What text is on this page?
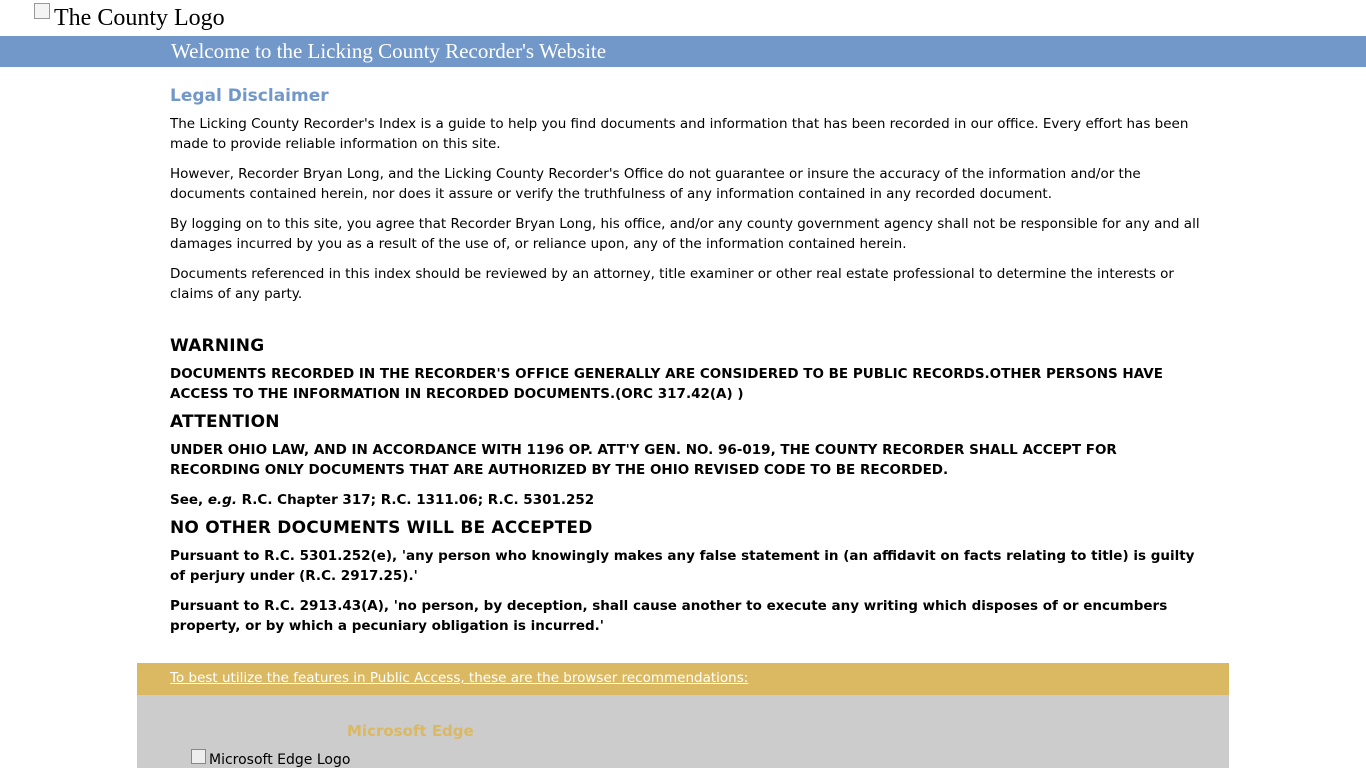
The County Logo
Welcome to the Licking County Recorder's Website
Legal Disclaimer

The Licking County Recorder's Index is a guide to help you find documents and information that has been recorded in our office. Every effort has been made to provide reliable information on this site.

However, Recorder Bryan Long, and the Licking County Recorder's Office do not guarantee or insure the accuracy of the information and/or the documents contained herein, nor does it assure or verify the truthfulness of any information contained in any recorded document.

By logging on to this site, you agree that Recorder Bryan Long, his office, and/or any county government agency shall not be responsible for any and all damages incurred by you as a result of the use of, or reliance upon, any of the information contained herein.

Documents referenced in this index should be reviewed by an attorney, title examiner or other real estate professional to determine the interests or claims of any party.

WARNING

DOCUMENTS RECORDED IN THE RECORDER'S OFFICE GENERALLY ARE CONSIDERED TO BE PUBLIC RECORDS.OTHER PERSONS HAVE ACCESS TO THE INFORMATION IN RECORDED DOCUMENTS.(ORC 317.42(A) )

ATTENTION

UNDER OHIO LAW, AND IN ACCORDANCE WITH 1196 OP. ATT'Y GEN. NO. 96-019, THE COUNTY RECORDER SHALL ACCEPT FOR RECORDING ONLY DOCUMENTS THAT ARE AUTHORIZED BY THE OHIO REVISED CODE TO BE RECORDED.

See, e.g. R.C. Chapter 317; R.C. 1311.06; R.C. 5301.252

NO OTHER DOCUMENTS WILL BE ACCEPTED

Pursuant to R.C. 5301.252(e), 'any person who knowingly makes any false statement in (an affidavit on facts relating to title) is guilty of perjury under (R.C. 2917.25).'

Pursuant to R.C. 2913.43(A), 'no person, by deception, shall cause another to execute any writing which disposes of or encumbers property, or by which a pecuniary obligation is incurred.'

To best utilize the features in Public Access, these are the browser recommendations:
Microsoft Edge
Microsoft Edge Logo
